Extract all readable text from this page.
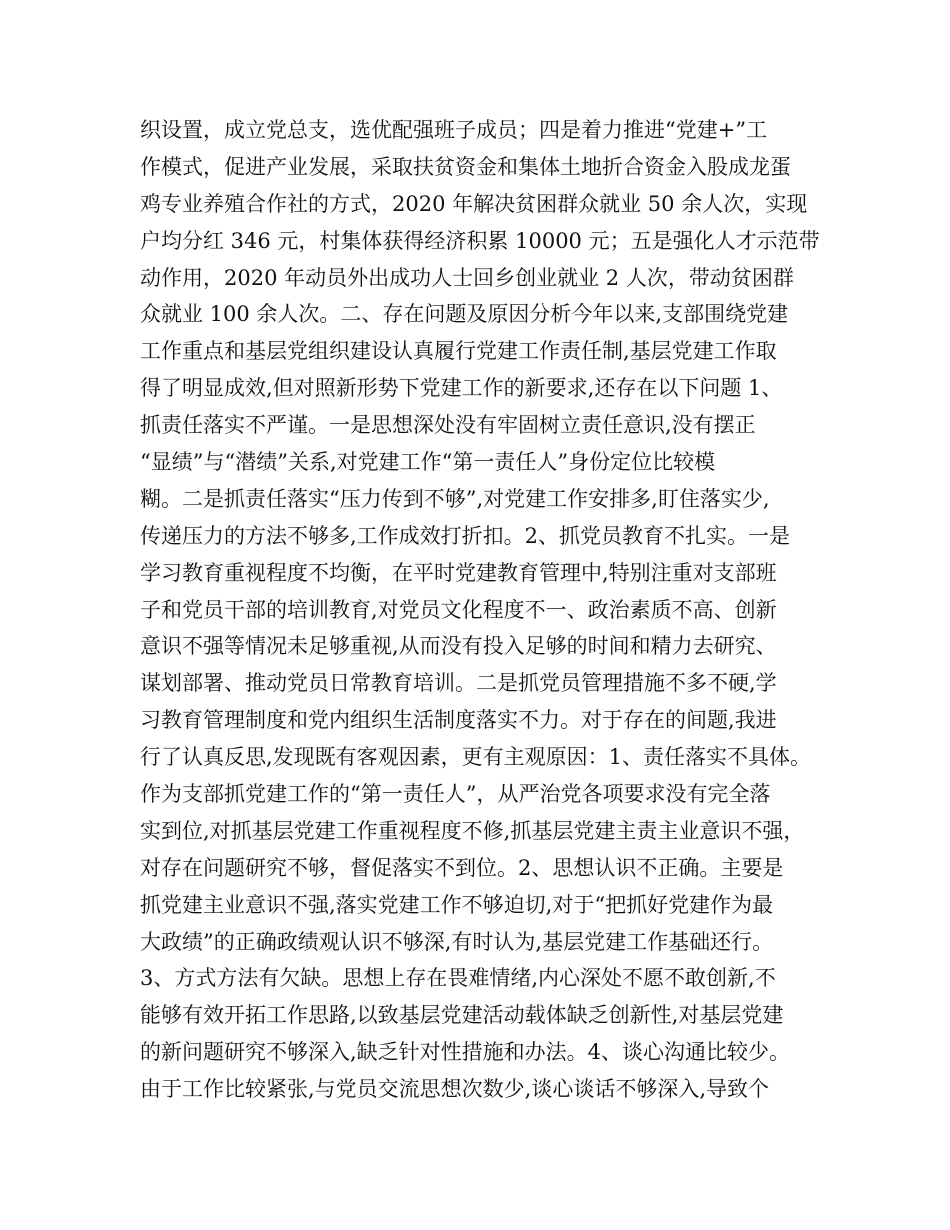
织设置，成立党总支，选优配强班子成员；四是着力推进“党建+”工
作模式，促进产业发展，采取扶贫资金和集体土地折合资金入股成龙蛋
鸡专业养殖合作社的方式，2020 年解决贫困群众就业 50 余人次，实现
户均分红 346 元，村集体获得经济积累 10000 元；五是强化人才示范带
动作用，2020 年动员外出成功人士回乡创业就业 2 人次，带动贫困群
众就业 100 余人次。二、存在问题及原因分析今年以来,支部围绕党建
工作重点和基层党组织建设认真履行党建工作责任制,基层党建工作取
得了明显成效,但对照新形势下党建工作的新要求,还存在以下问题 1、
抓责任落实不严谨。一是思想深处没有牢固树立责任意识,没有摆正
“显绩”与“潜绩”关系,对党建工作“第一责任人”身份定位比较模
糊。二是抓责任落实“压力传到不够”,对党建工作安排多,盯住落实少,
传递压力的方法不够多,工作成效打折扣。2、抓党员教育不扎实。一是
学习教育重视程度不均衡，在平时党建教育管理中,特别注重对支部班
子和党员干部的培训教育,对党员文化程度不一、政治素质不高、创新
意识不强等情况未足够重视,从而没有投入足够的时间和精力去研究、
谋划部署、推动党员日常教育培训。二是抓党员管理措施不多不硬,学
习教育管理制度和党内组织生活制度落实不力。对于存在的间题,我进
行了认真反思,发现既有客观因素，更有主观原因：1、责任落实不具体。
作为支部抓党建工作的“第一责任人”，从严治党各项要求没有完全落
实到位,对抓基层党建工作重视程度不修,抓基层党建主责主业意识不强，
对存在问题研究不够，督促落实不到位。2、思想认识不正确。主要是
抓党建主业意识不强,落实党建工作不够迫切,对于“把抓好党建作为最
大政绩”的正确政绩观认识不够深,有时认为,基层党建工作基础还行。
3、方式方法有欠缺。思想上存在畏难情绪,内心深处不愿不敢创新,不
能够有效开拓工作思路,以致基层党建活动载体缺乏创新性,对基层党建
的新问题研究不够深入,缺乏针对性措施和办法。4、谈心沟通比较少。
由于工作比较紧张,与党员交流思想次数少,谈心谈话不够深入,导致个
